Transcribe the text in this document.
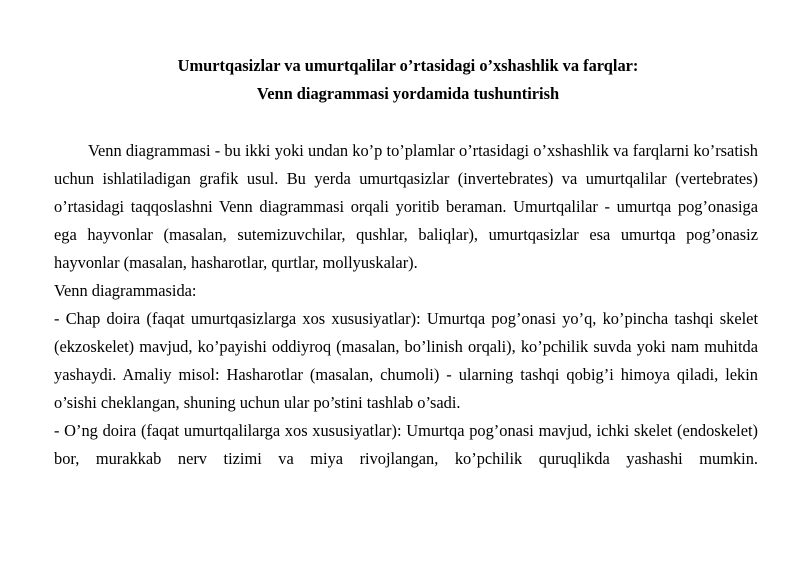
Umurtqasizlar va umurtqalilar o’rtasidagi o’xshashlik va farqlar:
Venn diagrammasi yordamida tushuntirish

Venn diagrammasi - bu ikki yoki undan ko’p to’plamlar o’rtasidagi o’xshashlik va farqlarni ko’rsatish uchun ishlatiladigan grafik usul. Bu yerda umurtqasizlar (invertebrates) va umurtqalilar (vertebrates) o’rtasidagi taqqoslashni Venn diagrammasi orqali yoritib beraman. Umurtqalilar - umurtqa pog’onasiga ega hayvonlar (masalan, sutemizuvchilar, qushlar, baliqlar), umurtqasizlar esa umurtqa pog’onasiz hayvonlar (masalan, hasharotlar, qurtlar, mollyuskalar).

Venn diagrammasida:

- Chap doira (faqat umurtqasizlarga xos xususiyatlar): Umurtqa pog’onasi yo’q, ko’pincha tashqi skelet (ekzoskelet) mavjud, ko’payishi oddiyroq (masalan, bo’linish orqali), ko’pchilik suvda yoki nam muhitda yashaydi. Amaliy misol: Hasharotlar (masalan, chumoli) - ularning tashqi qobig’i himoya qiladi, lekin o’sishi cheklangan, shuning uchun ular po’stini tashlab o’sadi.

- O’ng doira (faqat umurtqalilarga xos xususiyatlar): Umurtqa pog’onasi mavjud, ichki skelet (endoskelet) bor, murakkab nerv tizimi va miya rivojlangan, ko’pchilik quruqlikda yashashi mumkin.
